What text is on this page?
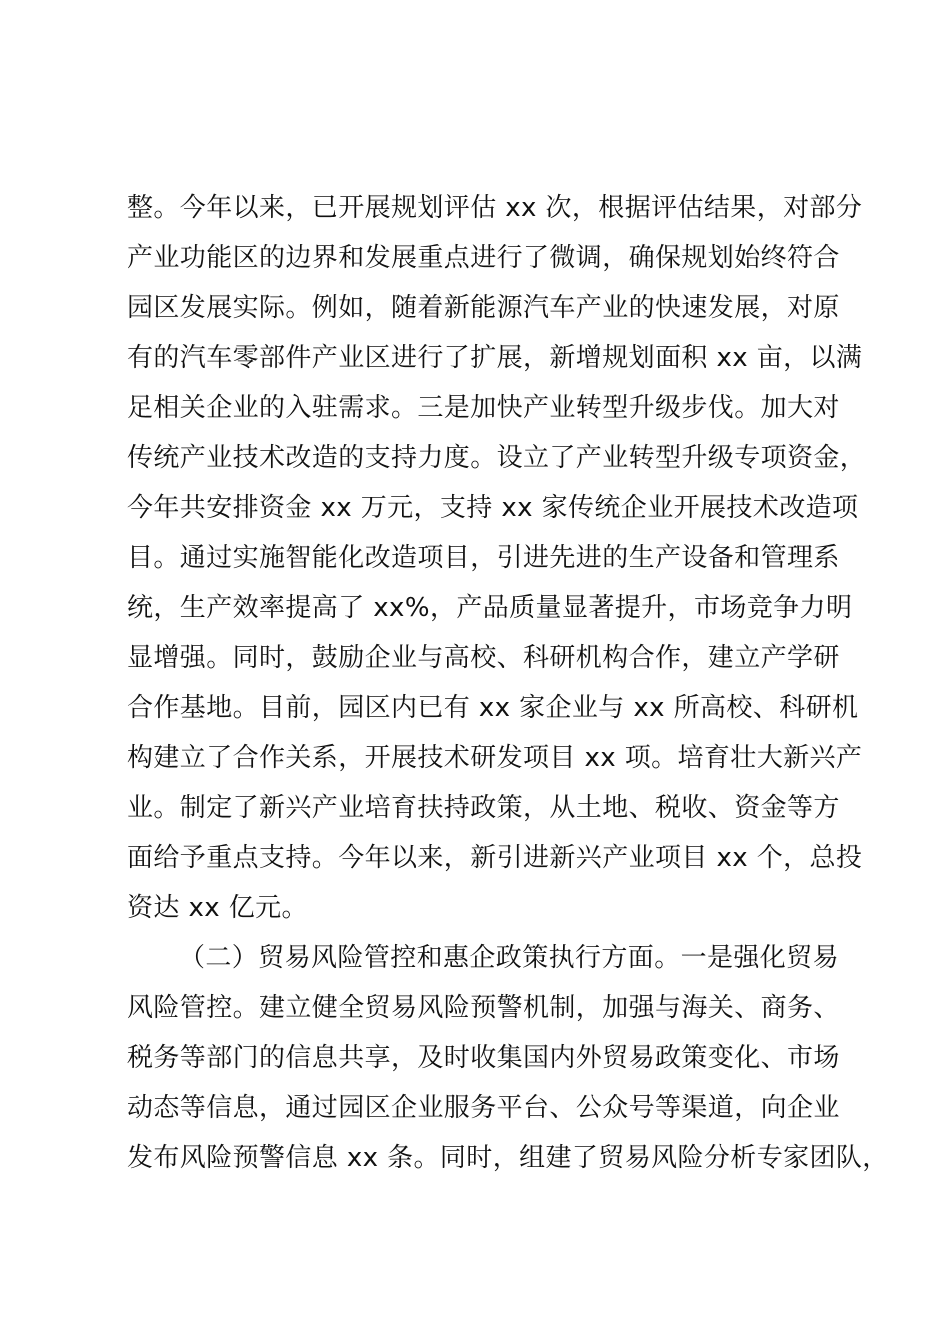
整。今年以来，已开展规划评估 xx 次，根据评估结果，对部分
产业功能区的边界和发展重点进行了微调，确保规划始终符合
园区发展实际。例如，随着新能源汽车产业的快速发展，对原
有的汽车零部件产业区进行了扩展，新增规划面积 xx 亩，以满
足相关企业的入驻需求。三是加快产业转型升级步伐。加大对
传统产业技术改造的支持力度。设立了产业转型升级专项资金，
今年共安排资金 xx 万元，支持 xx 家传统企业开展技术改造项
目。通过实施智能化改造项目，引进先进的生产设备和管理系
统，生产效率提高了 xx%，产品质量显著提升，市场竞争力明
显增强。同时，鼓励企业与高校、科研机构合作，建立产学研
合作基地。目前，园区内已有 xx 家企业与 xx 所高校、科研机
构建立了合作关系，开展技术研发项目 xx 项。培育壮大新兴产
业。制定了新兴产业培育扶持政策，从土地、税收、资金等方
面给予重点支持。今年以来，新引进新兴产业项目 xx 个，总投
资达 xx 亿元。
（二）贸易风险管控和惠企政策执行方面。一是强化贸易
风险管控。建立健全贸易风险预警机制，加强与海关、商务、
税务等部门的信息共享，及时收集国内外贸易政策变化、市场
动态等信息，通过园区企业服务平台、公众号等渠道，向企业
发布风险预警信息 xx 条。同时，组建了贸易风险分析专家团队，
